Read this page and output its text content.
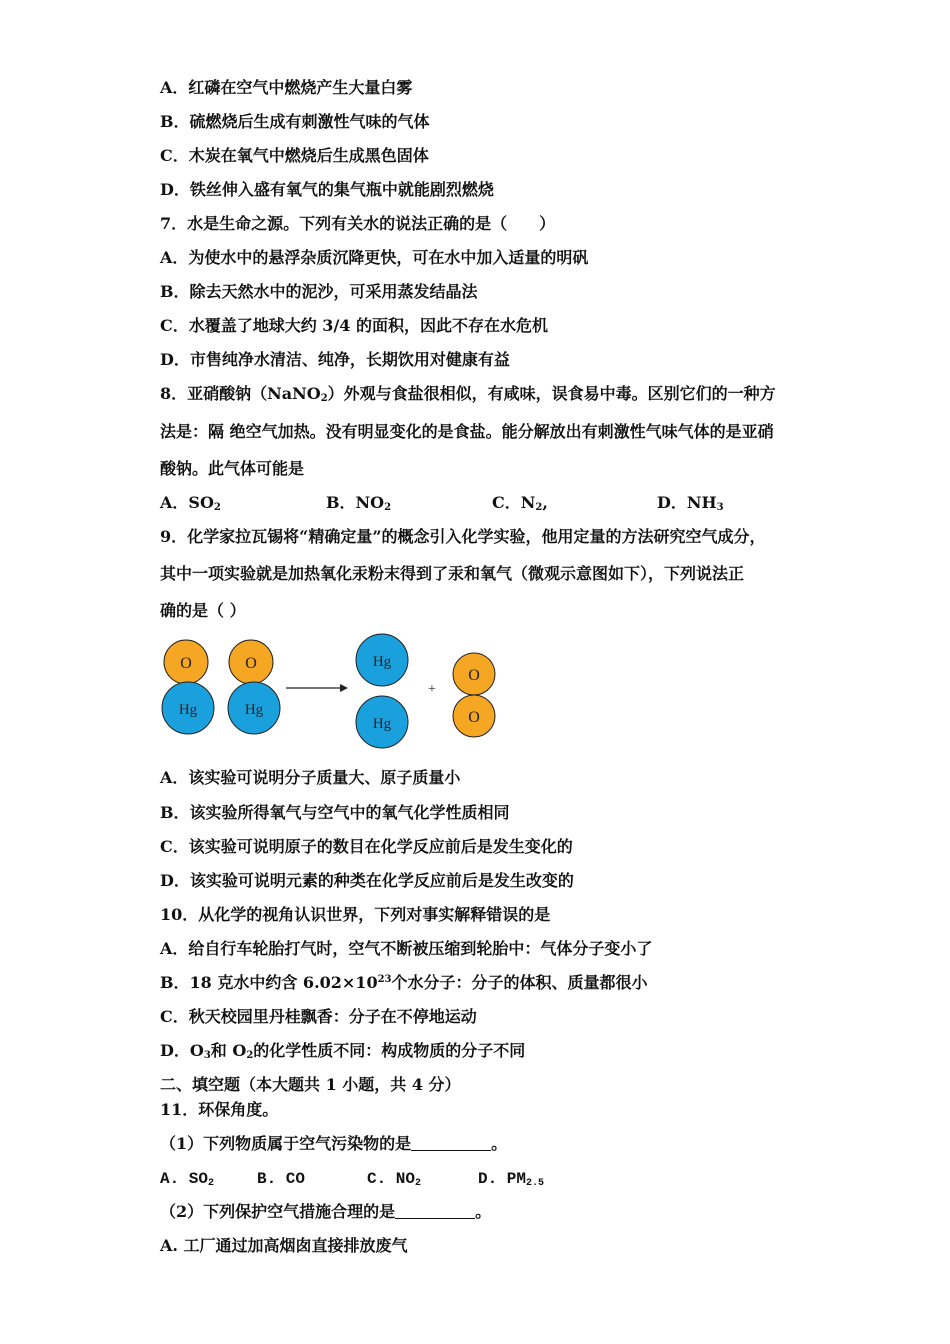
A．红磷在空气中燃烧产生大量白雾
B．硫燃烧后生成有刺激性气味的气体
C．木炭在氧气中燃烧后生成黑色固体
D．铁丝伸入盛有氧气的集气瓶中就能剧烈燃烧
7．水是生命之源。下列有关水的说法正确的是（　　）
A．为使水中的悬浮杂质沉降更快，可在水中加入适量的明矾
B．除去天然水中的泥沙，可采用蒸发结晶法
C．水覆盖了地球大约 3/4 的面积，因此不存在水危机
D．市售纯净水清洁、纯净，长期饮用对健康有益
8．亚硝酸钠（NaNO$_2$）外观与食盐很相似，有咸味，误食易中毒。区别它们的一种方
法是：隔 绝空气加热。没有明显变化的是食盐。能分解放出有刺激性气味气体的是亚硝
酸钠。此气体可能是
A．$SO_2$	B．$NO_2$	C．$N_2$,	D．$NH_3$
9．化学家拉瓦锡将“精确定量”的概念引入化学实验，他用定量的方法研究空气成分，
其中一项实验就是加热氧化汞粉末得到了汞和氧气（微观示意图如下），下列说法正
确的是（ ）
O
Hg
O
Hg
Hg
Hg
+
O
O
A．该实验可说明分子质量大、原子质量小
B．该实验所得氧气与空气中的氧气化学性质相同
C．该实验可说明原子的数目在化学反应前后是发生变化的
D．该实验可说明元素的种类在化学反应前后是发生改变的
10．从化学的视角认识世界，下列对事实解释错误的是
A．给自行车轮胎打气时，空气不断被压缩到轮胎中：气体分子变小了
B．18 克水中约含 $6.02\times 10^{23}$个水分子：分子的体积、质量都很小
C．秋天校园里丹桂飘香：分子在不停地运动
D．$O_3$和 $O_2$的化学性质不同：构成物质的分子不同
二、填空题（本大题共 1 小题，共 4 分）
11．环保角度。
（1）下列物质属于空气污染物的是	。
A. $SO_2$	B. CO	C. $NO_2$	D. $PM_{2.5}$
（2）下列保护空气措施合理的是	。
A. 工厂通过加高烟囱直接排放废气
